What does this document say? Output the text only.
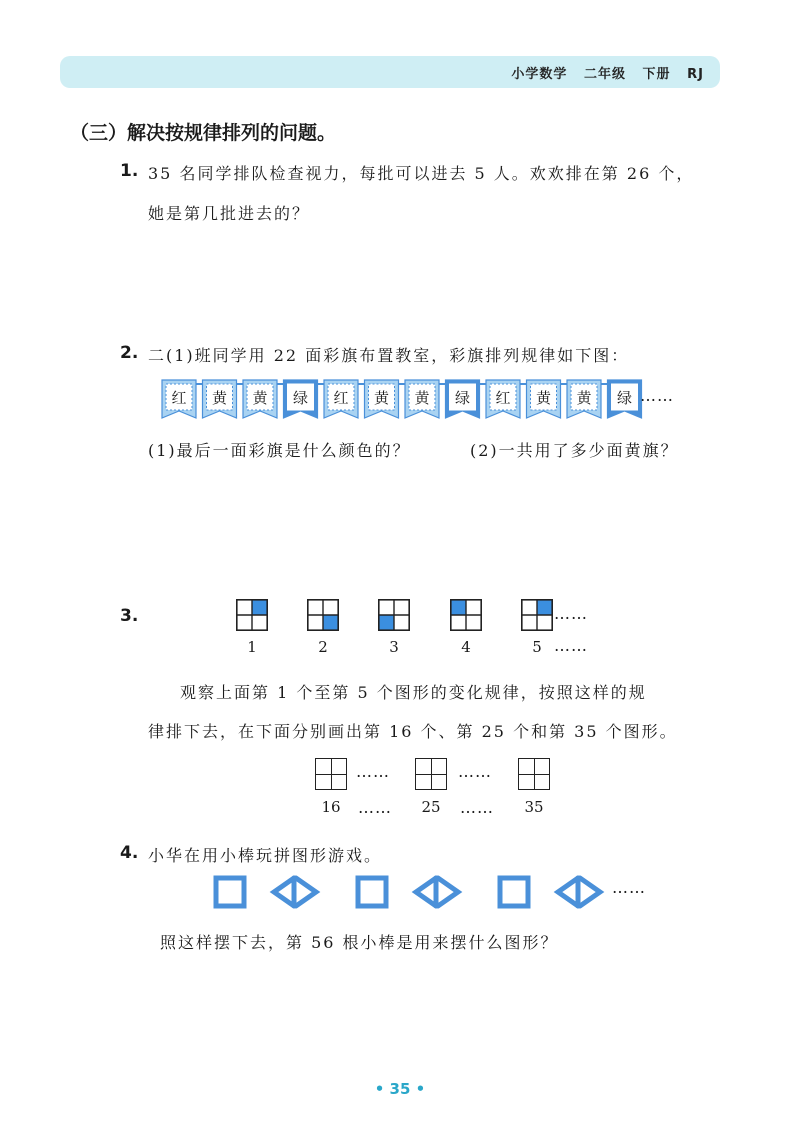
小学数学   二年级   下册   RJ
（三）解决按规律排列的问题。
1. 35 名同学排队检查视力，每批可以进去 5 人。欢欢排在第 26 个，
她是第几批进去的？
2. 二(1)班同学用 22 面彩旗布置教室，彩旗排列规律如下图：
红 黄 黄 绿 红 黄 黄 绿 红 黄 黄 绿 ……
(1)最后一面彩旗是什么颜色的？	(2)一共用了多少面黄旗？
3.
1	2	3	4	5
……
……
观察上面第 1 个至第 5 个图形的变化规律，按照这样的规
律排下去，在下面分别画出第 16 个、第 25 个和第 35 个图形。
……	……
16	……	25	……	35
4. 小华在用小棒玩拼图形游戏。
……
照这样摆下去，第 56 根小棒是用来摆什么图形？
• 35 •
